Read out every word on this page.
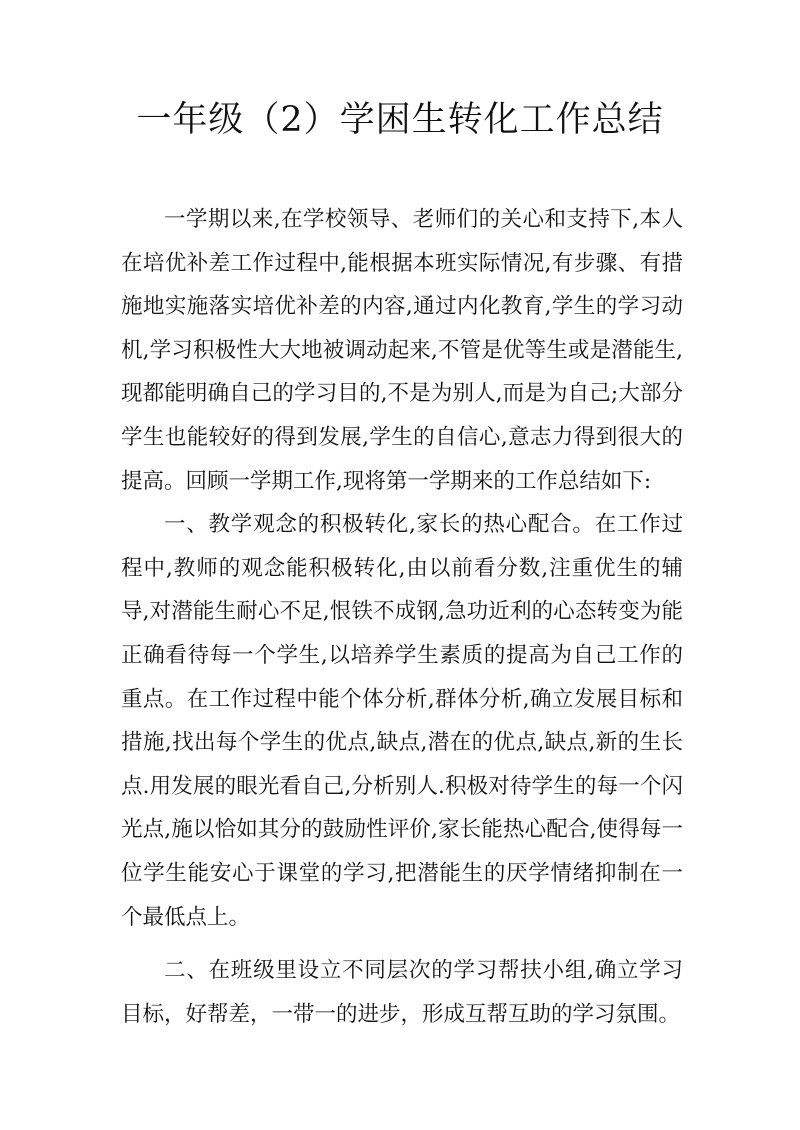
一年级（2）学困生转化工作总结

一学期以来,在学校领导、老师们的关心和支持下,本人在培优补差工作过程中,能根据本班实际情况,有步骤、有措施地实施落实培优补差的内容,通过内化教育,学生的学习动机,学习积极性大大地被调动起来,不管是优等生或是潜能生,现都能明确自己的学习目的,不是为别人,而是为自己;大部分学生也能较好的得到发展,学生的自信心,意志力得到很大的提高。回顾一学期工作,现将第一学期来的工作总结如下:

一、教学观念的积极转化,家长的热心配合。在工作过程中,教师的观念能积极转化,由以前看分数,注重优生的辅导,对潜能生耐心不足,恨铁不成钢,急功近利的心态转变为能正确看待每一个学生,以培养学生素质的提高为自己工作的重点。在工作过程中能个体分析,群体分析,确立发展目标和措施,找出每个学生的优点,缺点,潜在的优点,缺点,新的生长点.用发展的眼光看自己,分析别人.积极对待学生的每一个闪光点,施以恰如其分的鼓励性评价,家长能热心配合,使得每一位学生能安心于课堂的学习,把潜能生的厌学情绪抑制在一个最低点上。

二、在班级里设立不同层次的学习帮扶小组,确立学习目标，好帮差，一带一的进步，形成互帮互助的学习氛围。
